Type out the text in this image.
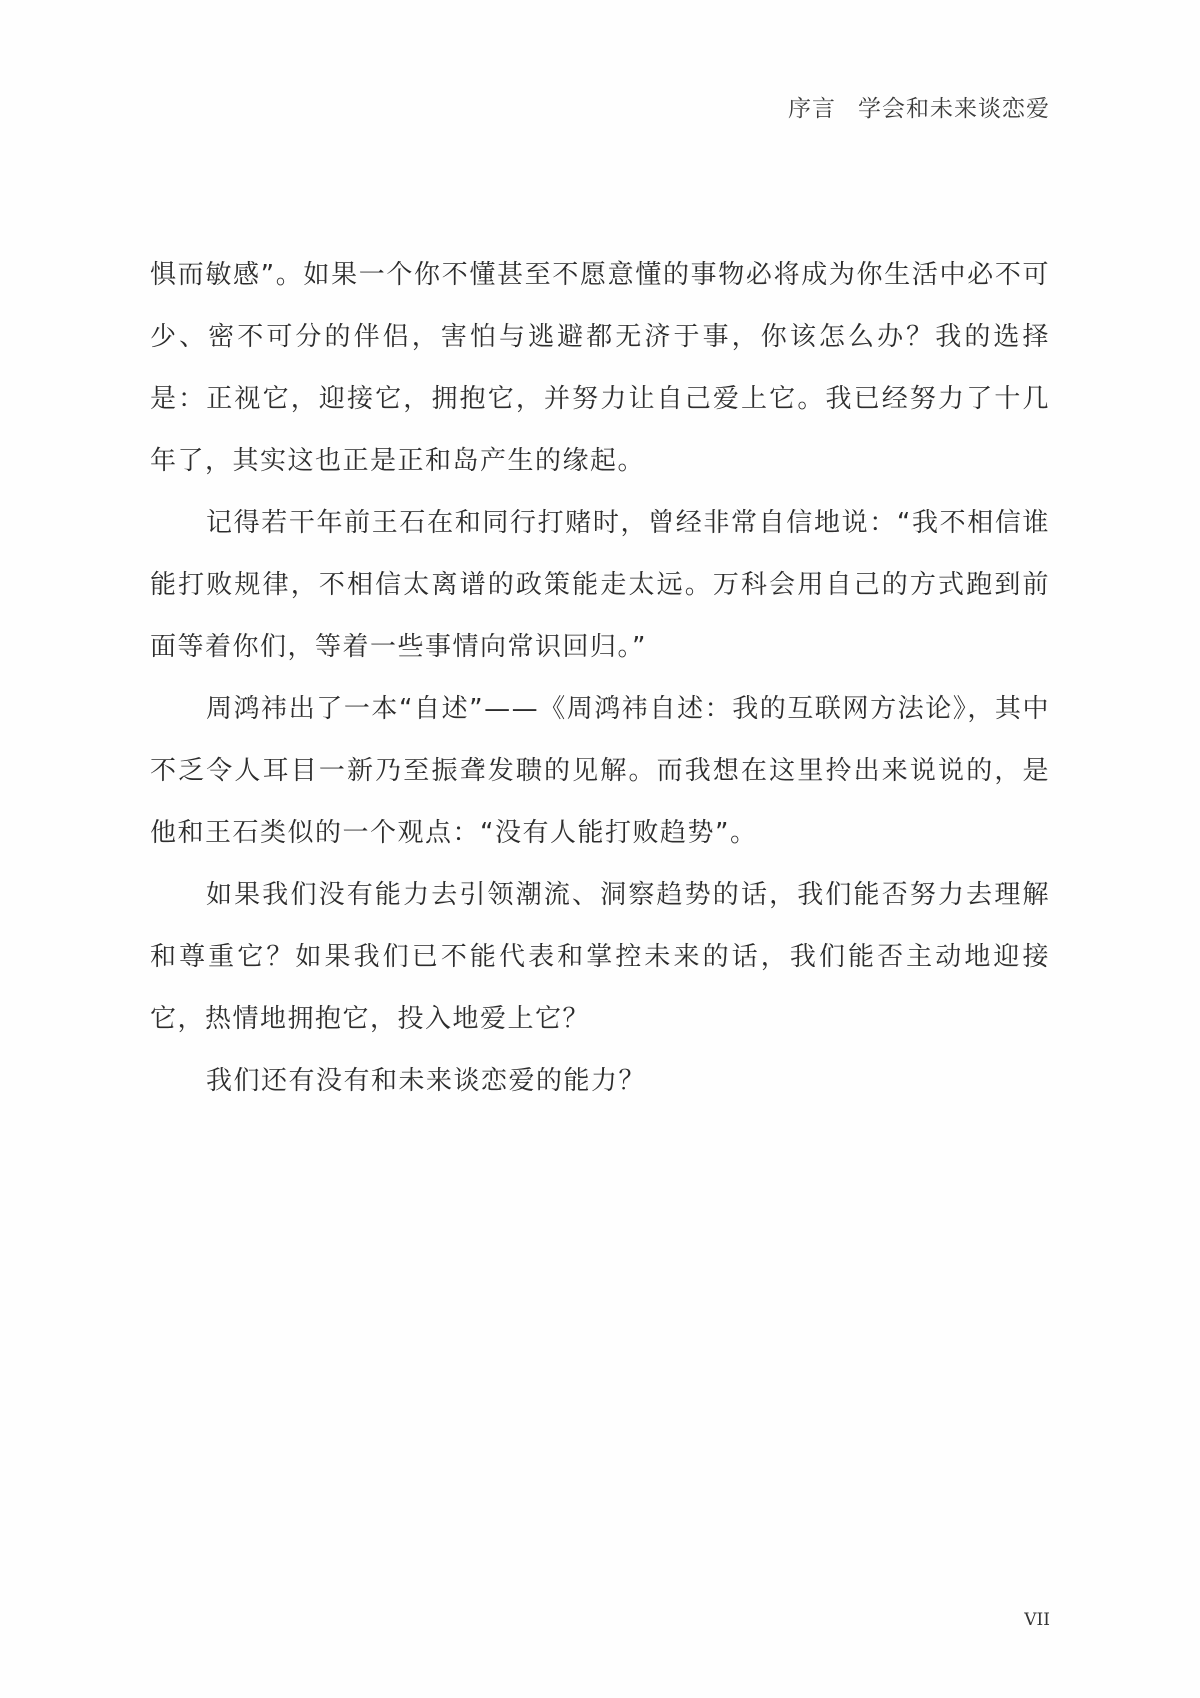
序言 学会和未来谈恋爱

惧而敏感”。如果一个你不懂甚至不愿意懂的事物必将成为你生活中必不可少、密不可分的伴侣，害怕与逃避都无济于事，你该怎么办？我的选择是：正视它，迎接它，拥抱它，并努力让自己爱上它。我已经努力了十几年了，其实这也正是正和岛产生的缘起。

记得若干年前王石在和同行打赌时，曾经非常自信地说：“我不相信谁能打败规律，不相信太离谱的政策能走太远。万科会用自己的方式跑到前面等着你们，等着一些事情向常识回归。”

周鸿祎出了一本“自述”——《周鸿祎自述：我的互联网方法论》，其中不乏令人耳目一新乃至振聋发聩的见解。而我想在这里拎出来说说的，是他和王石类似的一个观点：“没有人能打败趋势”。

如果我们没有能力去引领潮流、洞察趋势的话，我们能否努力去理解和尊重它？如果我们已不能代表和掌控未来的话，我们能否主动地迎接它，热情地拥抱它，投入地爱上它？

我们还有没有和未来谈恋爱的能力？

VII
